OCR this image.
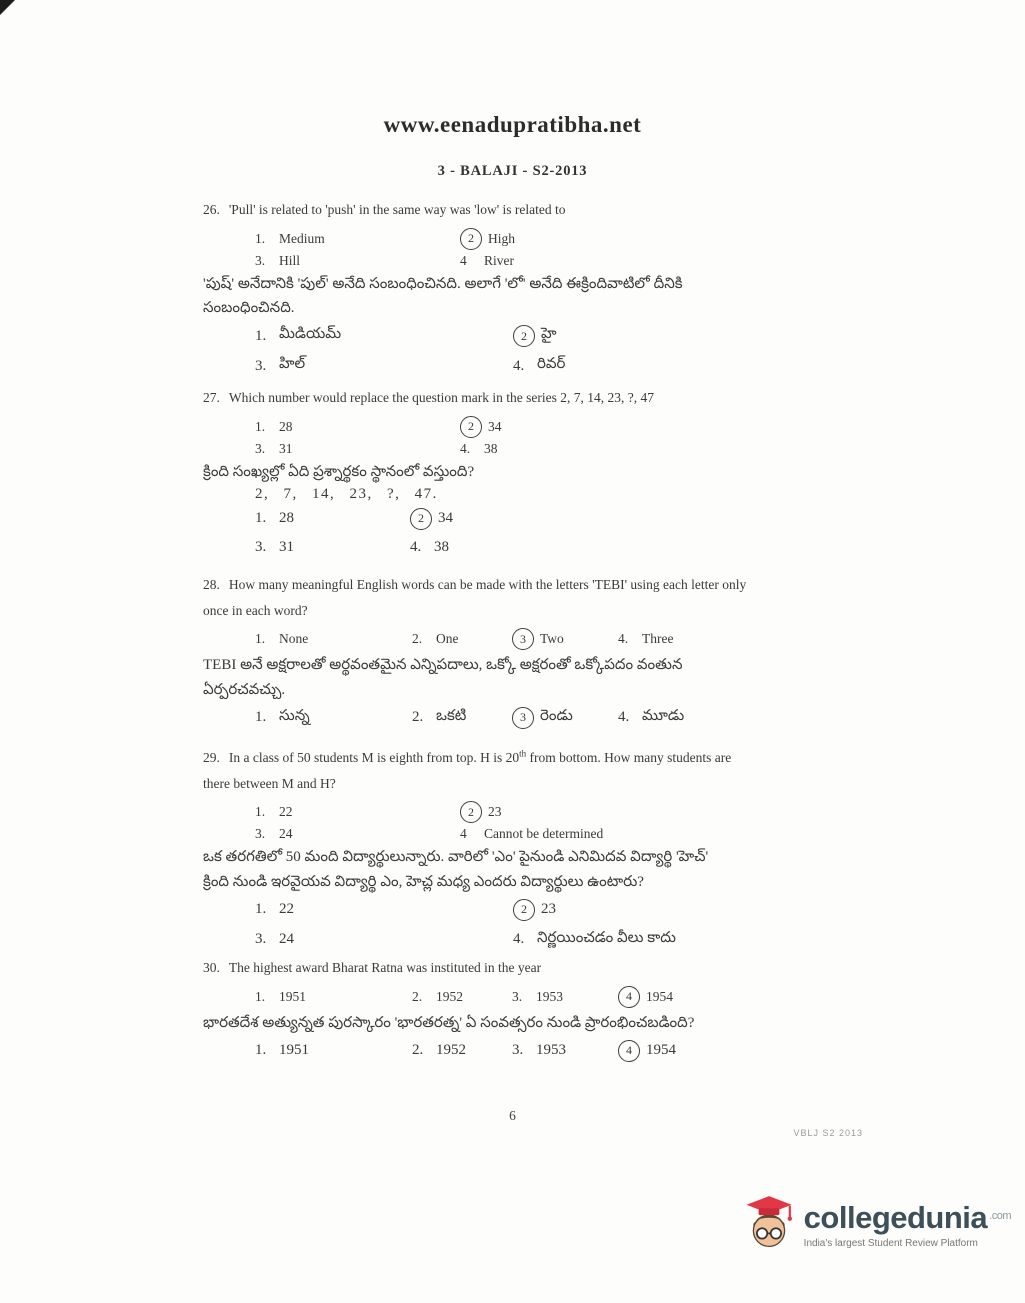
www.eenadupratibha.net
3 - BALAJI - S2-2013

26. 'Pull' is related to 'push' in the same way was 'low' is related to

1.	Medium	2	High
3.	Hill	4	River

'పుష్' అనేదానికి 'పుల్' అనేది సంబంధించినది. అలాగే 'లో' అనేది ఈక్రిందివాటిలో దీనికి
సంబంధించినది.

1. మీడియమ్	2 హై
3. హిల్	4. రివర్

27. Which number would replace the question mark in the series 2, 7, 14, 23, ?, 47

1.	28	2	34
3.	31	4.	38

క్రింది సంఖ్యల్లో ఏది ప్రశ్నార్థకం స్థానంలో వస్తుంది?

2, 7, 14, 23, ?, 47.

1. 28	2 34
3. 31	4. 38

28. How many meaningful English words can be made with the letters 'TEBI' using each letter only
once in each word?

1.	None	2.	One	3	Two	4.	Three

TEBI అనే అక్షరాలతో అర్థవంతమైన ఎన్నిపదాలు, ఒక్కో అక్షరంతో ఒక్కోపదం వంతున
ఏర్పరచవచ్చు.

1. సున్న	2. ఒకటి	3 రెండు	4. మూడు

29. In a class of 50 students M is eighth from top. H is 20th from bottom. How many students are
there between M and H?

1.	22	2	23
3.	24	4	Cannot be determined

ఒక తరగతిలో 50 మంది విద్యార్థులున్నారు. వారిలో 'ఎం' పైనుండి ఎనిమిదవ విద్యార్థి 'హెచ్'
క్రింది నుండి ఇరవైయవ విద్యార్థి ఎం, హెచ్ల మధ్య ఎందరు విద్యార్థులు ఉంటారు?

1. 22	2 23
3. 24	4. నిర్ణయించడం వీలు కాదు

30. The highest award Bharat Ratna was instituted in the year

1.	1951	2.	1952	3.	1953	4	1954

భారతదేశ అత్యున్నత పురస్కారం 'భారతరత్న' ఏ సంవత్సరం నుండి ప్రారంభించబడింది?

1. 1951	2. 1952	3. 1953	4 1954
6
VBLJ S2 2013
collegedunia $^{.com}$
India's largest Student Review Platform
